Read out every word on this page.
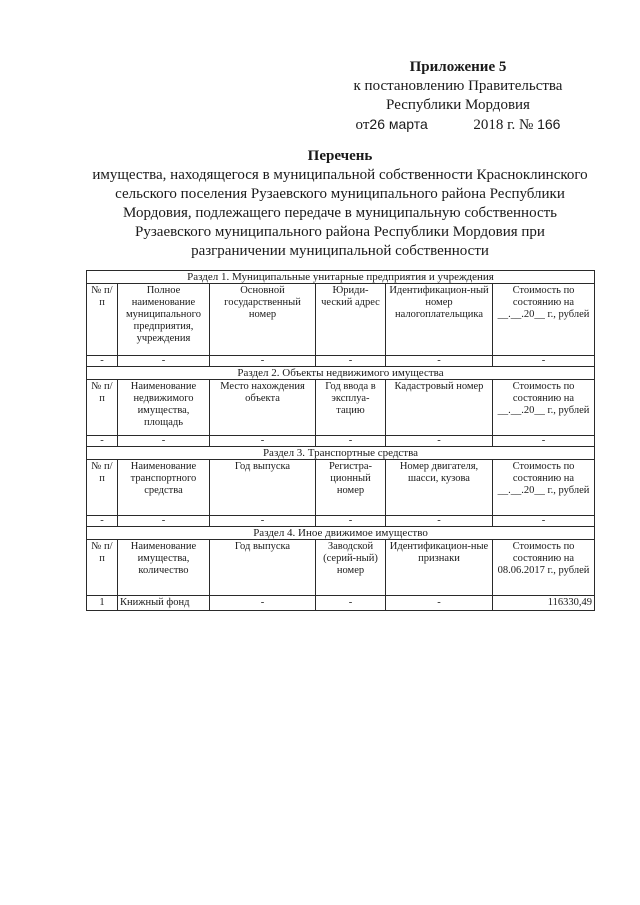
Приложение 5
к постановлению Правительства
Республики Мордовия
от26 марта	2018 г. № 166
Перечень
имущества, находящегося в муниципальной собственности Красноклинского
сельского поселения Рузаевского муниципального района Республики
Мордовия, подлежащего передаче в муниципальную собственность
Рузаевского муниципального района Республики Мордовия при
разграничении муниципальной собственности
Раздел 1. Муниципальные унитарные предприятия и учреждения					
№ п/п	Полное наименование муниципального предприятия, учреждения	Основной государственный номер	Юриди-ческий адрес	Идентификацион-ный номер налогоплательщика	Стоимость по состоянию на __.__.20__ г., рублей
-	-	-	-	-	-
Раздел 2. Объекты недвижимого имущества					
№ п/п	Наименование недвижимого имущества, площадь	Место нахождения объекта	Год ввода в эксплуа-тацию	Кадастровый номер	Стоимость по состоянию на __.__.20__ г., рублей
-	-	-	-	-	-
Раздел 3. Транспортные средства					
№ п/п	Наименование транспортного средства	Год выпуска	Регистра-ционный номер	Номер двигателя, шасси, кузова	Стоимость по состоянию на __.__.20__ г., рублей
-	-	-	-	-	-
Раздел 4. Иное движимое имущество					
№ п/п	Наименование имущества, количество	Год выпуска	Заводской (серий-ный) номер	Идентификацион-ные признаки	Стоимость по состоянию на 08.06.2017 г., рублей
1	Книжный фонд	-	-	-	116330,49
